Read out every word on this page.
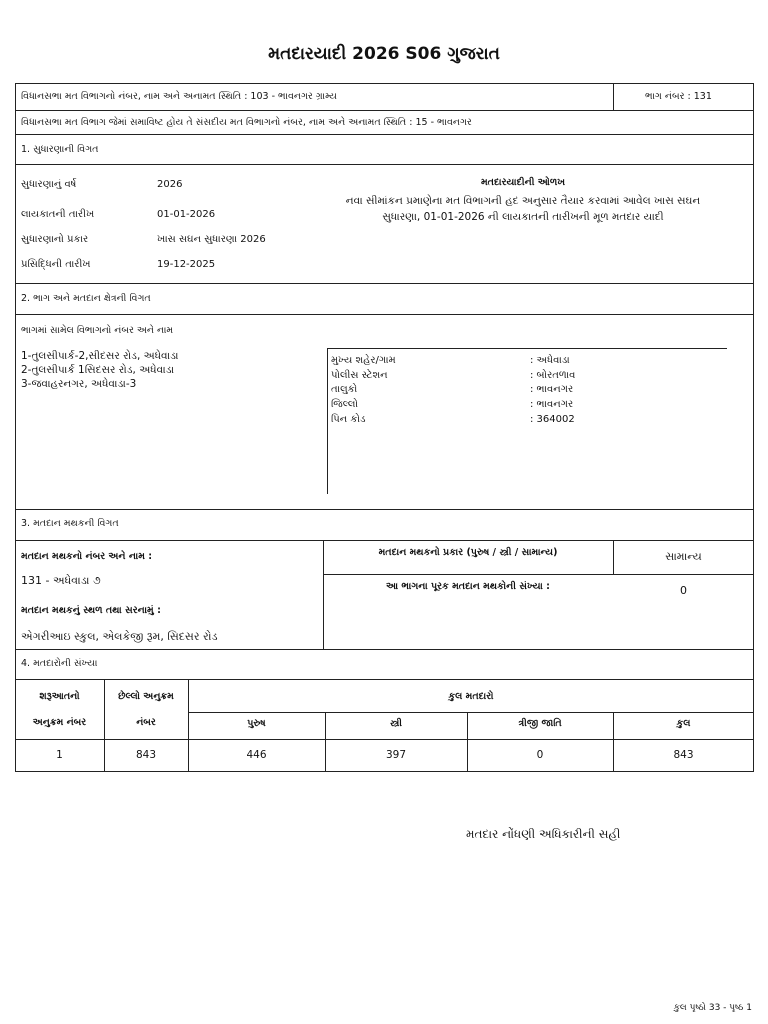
મતદારયાદી 2026 S06 ગુજરાત
વિધાનસભા મત વિભાગનો નંબર, નામ અને અનામત સ્થિતિ : 103 - ભાવનગર ગ્રામ્ય	ભાગ નંબર : 131
વિધાનસભા મત વિભાગ જેમાં સમાવિષ્ટ હોય તે સંસદીય મત વિભાગનો નંબર, નામ અને અનામત સ્થિતિ : 15 - ભાવનગર
1. સુધારણાની વિગત
સુધારણાનું વર્ષ	2026
લાયકાતની તારીખ	01-01-2026
સુધારણાનો પ્રકાર	ખાસ સઘન સુધારણા 2026
પ્રસિદ્ધિની તારીખ	19-12-2025
મતદારયાદીની ઓળખ
નવા સીમાંકન પ્રમાણેના મત વિભાગની હદ અનુસાર તૈયાર કરવામાં આવેલ ખાસ સઘન
સુધારણા, 01-01-2026 ની લાયકાતની તારીખની મૂળ મતદાર યાદી
2. ભાગ અને મતદાન ક્ષેત્રની વિગત
ભાગમાં સામેલ વિભાગનો નંબર અને નામ
1-તુલસીપાર્ક-2,સીદસર રોડ, અધેવાડા
2-તુલસીપાર્ક 1સિદસર રોડ, અધેવાડા
3-જવાહરનગર, અધેવાડા-3
મુખ્ય શહેર/ગામ	: અધેવાડા
પોલીસ સ્ટેશન	: બોરતળાવ
તાલુકો	: ભાવનગર
જિલ્લો	: ભાવનગર
પિન કોડ	: 364002
3. મતદાન મથકની વિગત
મતદાન મથકનો નંબર અને નામ :
131 - અધેવાડા ૭
મતદાન મથકનું સ્થળ તથા સરનામું :
એગરીઆઇ સ્કુલ, એલકેજી રૂમ, સિદસર રોડ
મતદાન મથકનો પ્રકાર (પુરુષ / સ્ત્રી / સામાન્ય)	સામાન્ય
આ ભાગના પૂરક મતદાન મથકોની સંખ્યા :	0
4. મતદારોની સંખ્યા
શરૂઆતનો
અનુક્રમ નંબર
છેલ્લો અનુક્રમ
નંબર
કુલ મતદારો
પુરુષ	સ્ત્રી	ત્રીજી જાતિ	કુલ
1	843	446	397	0	843
મતદાર નોંધણી અધિકારીની સહી
કુલ પૃષ્ઠો 33 - પૃષ્ઠ 1
